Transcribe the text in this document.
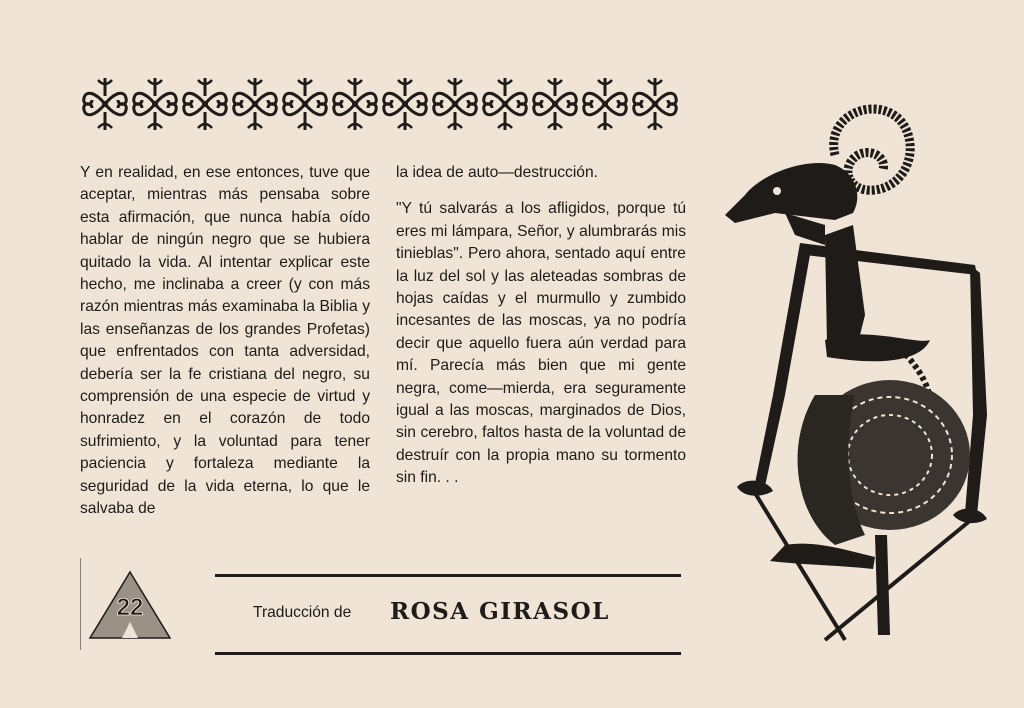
Y en realidad, en ese entonces, tuve que aceptar, mientras más pensaba sobre esta afirmación, que nunca había oído hablar de ningún negro que se hubiera quitado la vida. Al intentar explicar este hecho, me inclinaba a creer (y con más razón mientras más examinaba la Biblia y las enseñanzas de los grandes Profetas) que enfrentados con tanta adversidad, debería ser la fe cristiana del negro, su comprensión de una especie de virtud y honradez en el corazón de todo sufrimiento, y la voluntad para tener paciencia y fortaleza mediante la seguridad de la vida eterna, lo que le salvaba de

la idea de auto—destrucción.

"Y tú salvarás a los afligidos, porque tú eres mi lámpara, Señor, y alumbrarás mis tinieblas". Pero ahora, sentado aquí entre la luz del sol y las aleteadas sombras de hojas caídas y el murmullo y zumbido incesantes de las moscas, ya no podría decir que aquello fuera aún verdad para mí. Parecía más bien que mi gente negra, come—mierda, era seguramente igual a las moscas, marginados de Dios, sin cerebro, faltos hasta de la voluntad de destruír con la propia mano su tormento sin fin. . .

22	Traducción de ROSA GIRASOL
